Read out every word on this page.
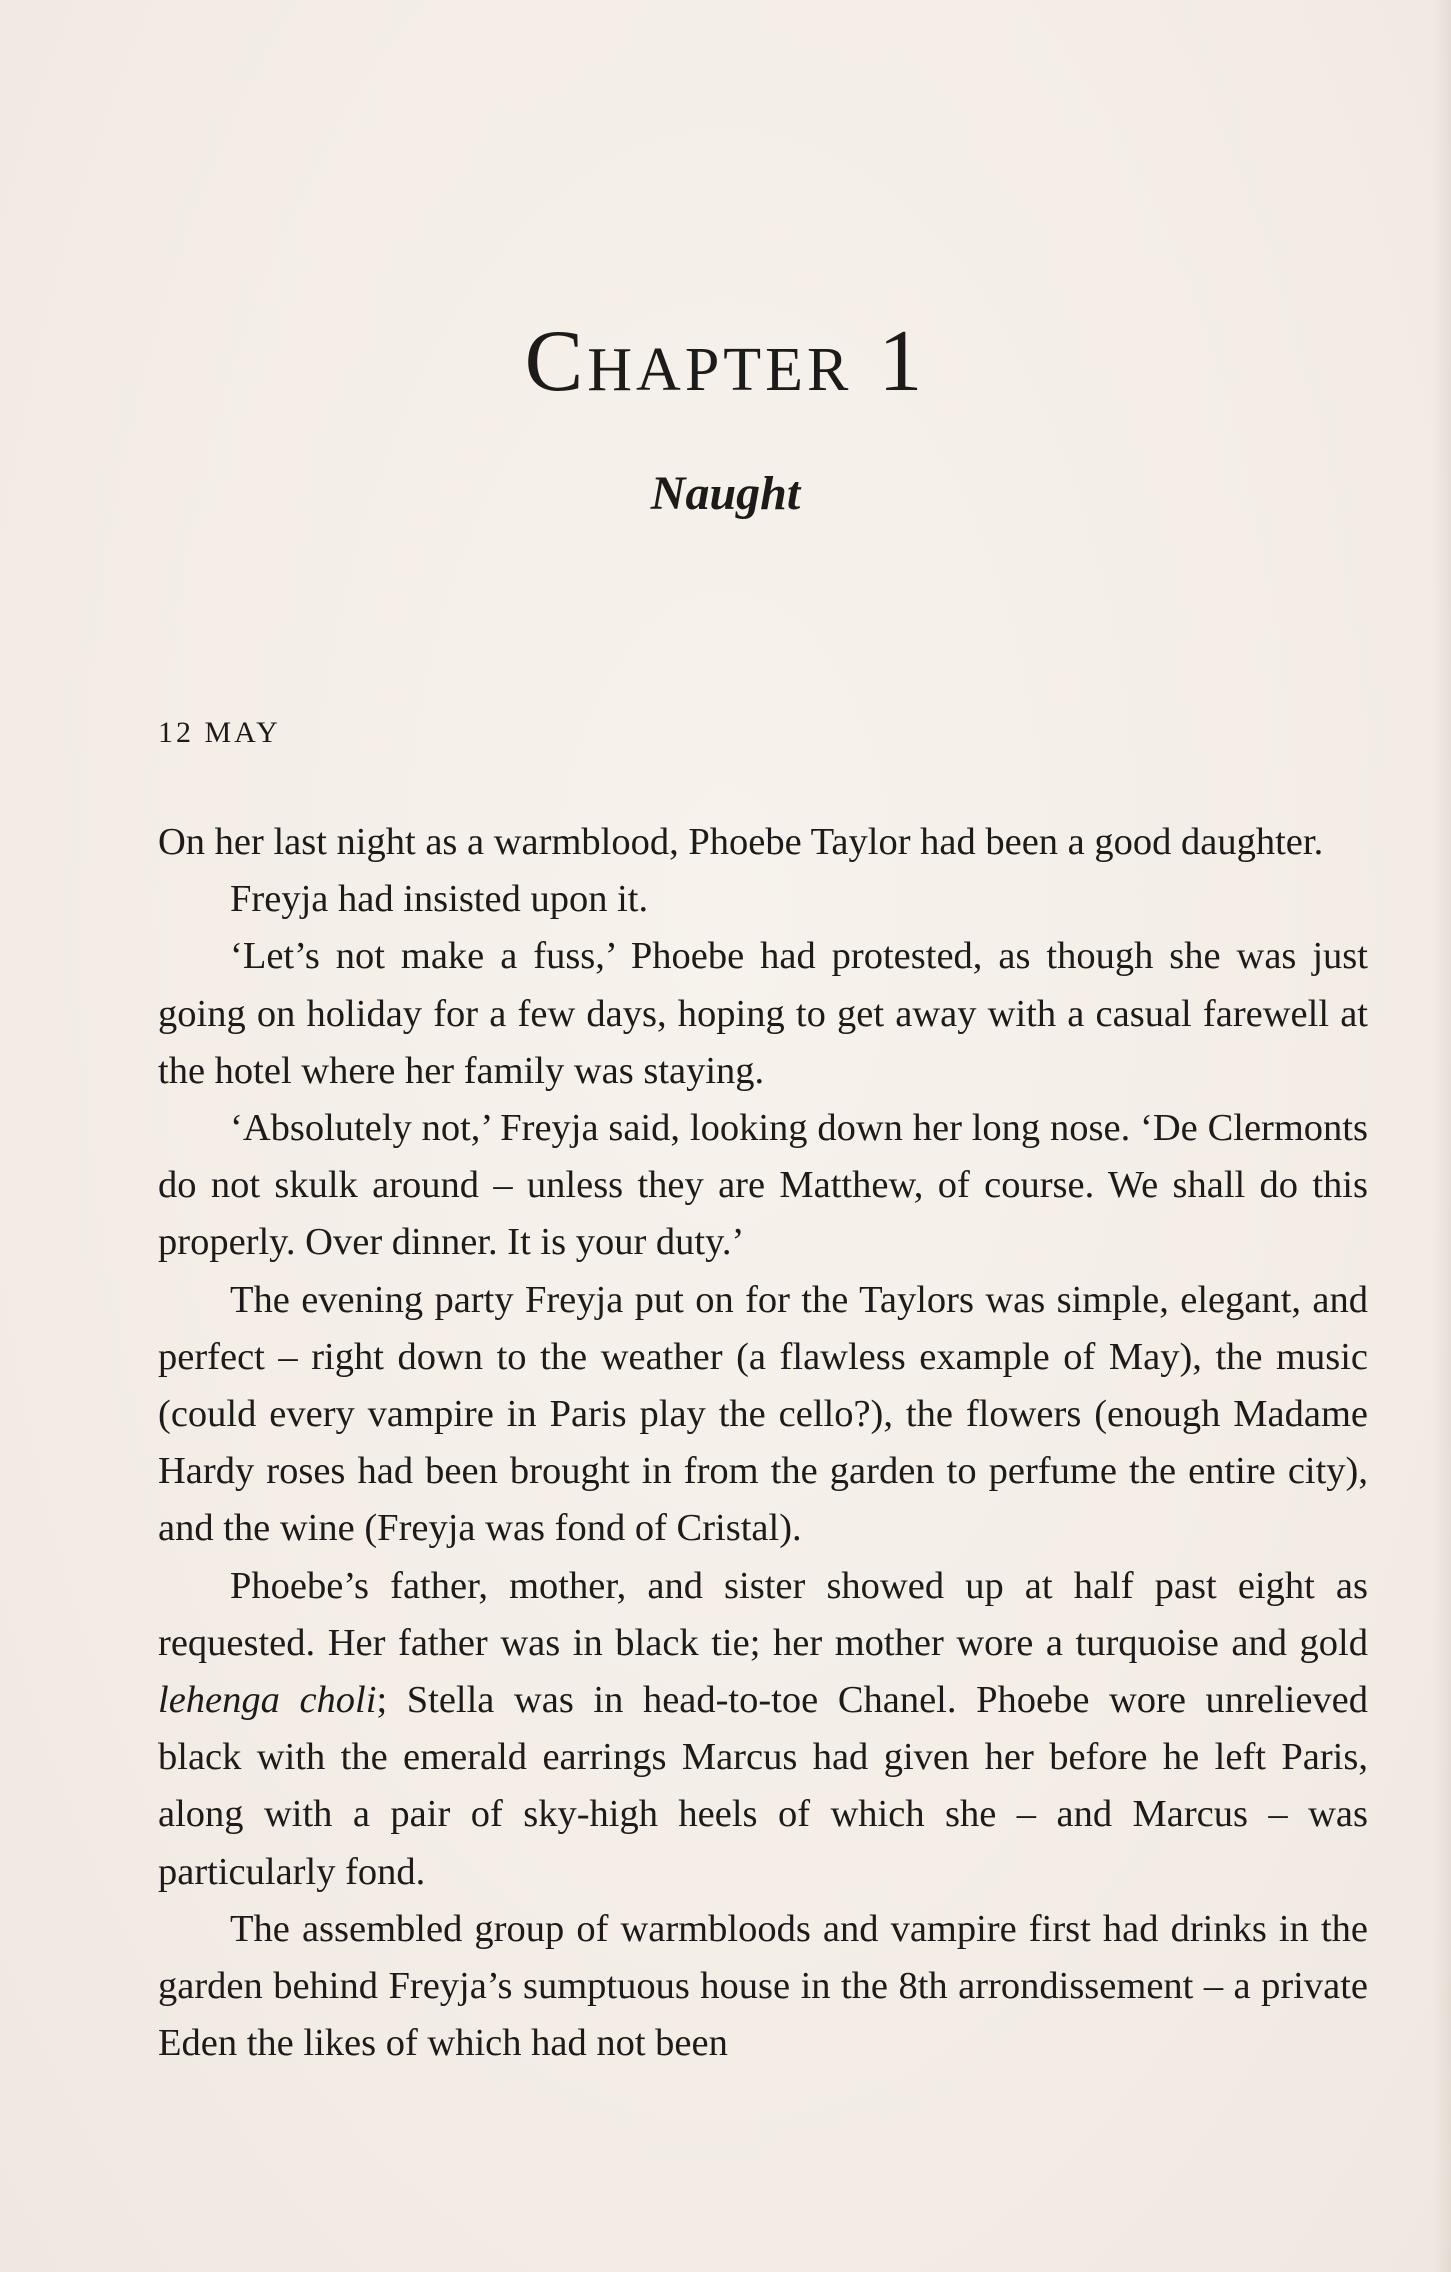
Chapter 1
Naught
12 MAY

On her last night as a warmblood, Phoebe Taylor had been a good daughter.

Freyja had insisted upon it.

‘Let’s not make a fuss,’ Phoebe had protested, as though she was just going on holiday for a few days, hoping to get away with a casual farewell at the hotel where her family was staying.

‘Absolutely not,’ Freyja said, looking down her long nose. ‘De Clermonts do not skulk around – unless they are Matthew, of course. We shall do this properly. Over dinner. It is your duty.’

The evening party Freyja put on for the Taylors was simple, elegant, and perfect – right down to the weather (a flawless example of May), the music (could every vampire in Paris play the cello?), the flowers (enough Madame Hardy roses had been brought in from the garden to perfume the entire city), and the wine (Freyja was fond of Cristal).

Phoebe’s father, mother, and sister showed up at half past eight as requested. Her father was in black tie; her mother wore a turquoise and gold lehenga choli; Stella was in head-to-toe Chanel. Phoebe wore unrelieved black with the emerald earrings Marcus had given her before he left Paris, along with a pair of sky-high heels of which she – and Marcus – was particularly fond.

The assembled group of warmbloods and vampire first had drinks in the garden behind Freyja’s sumptuous house in the 8th arrondissement – a private Eden the likes of which had not been
